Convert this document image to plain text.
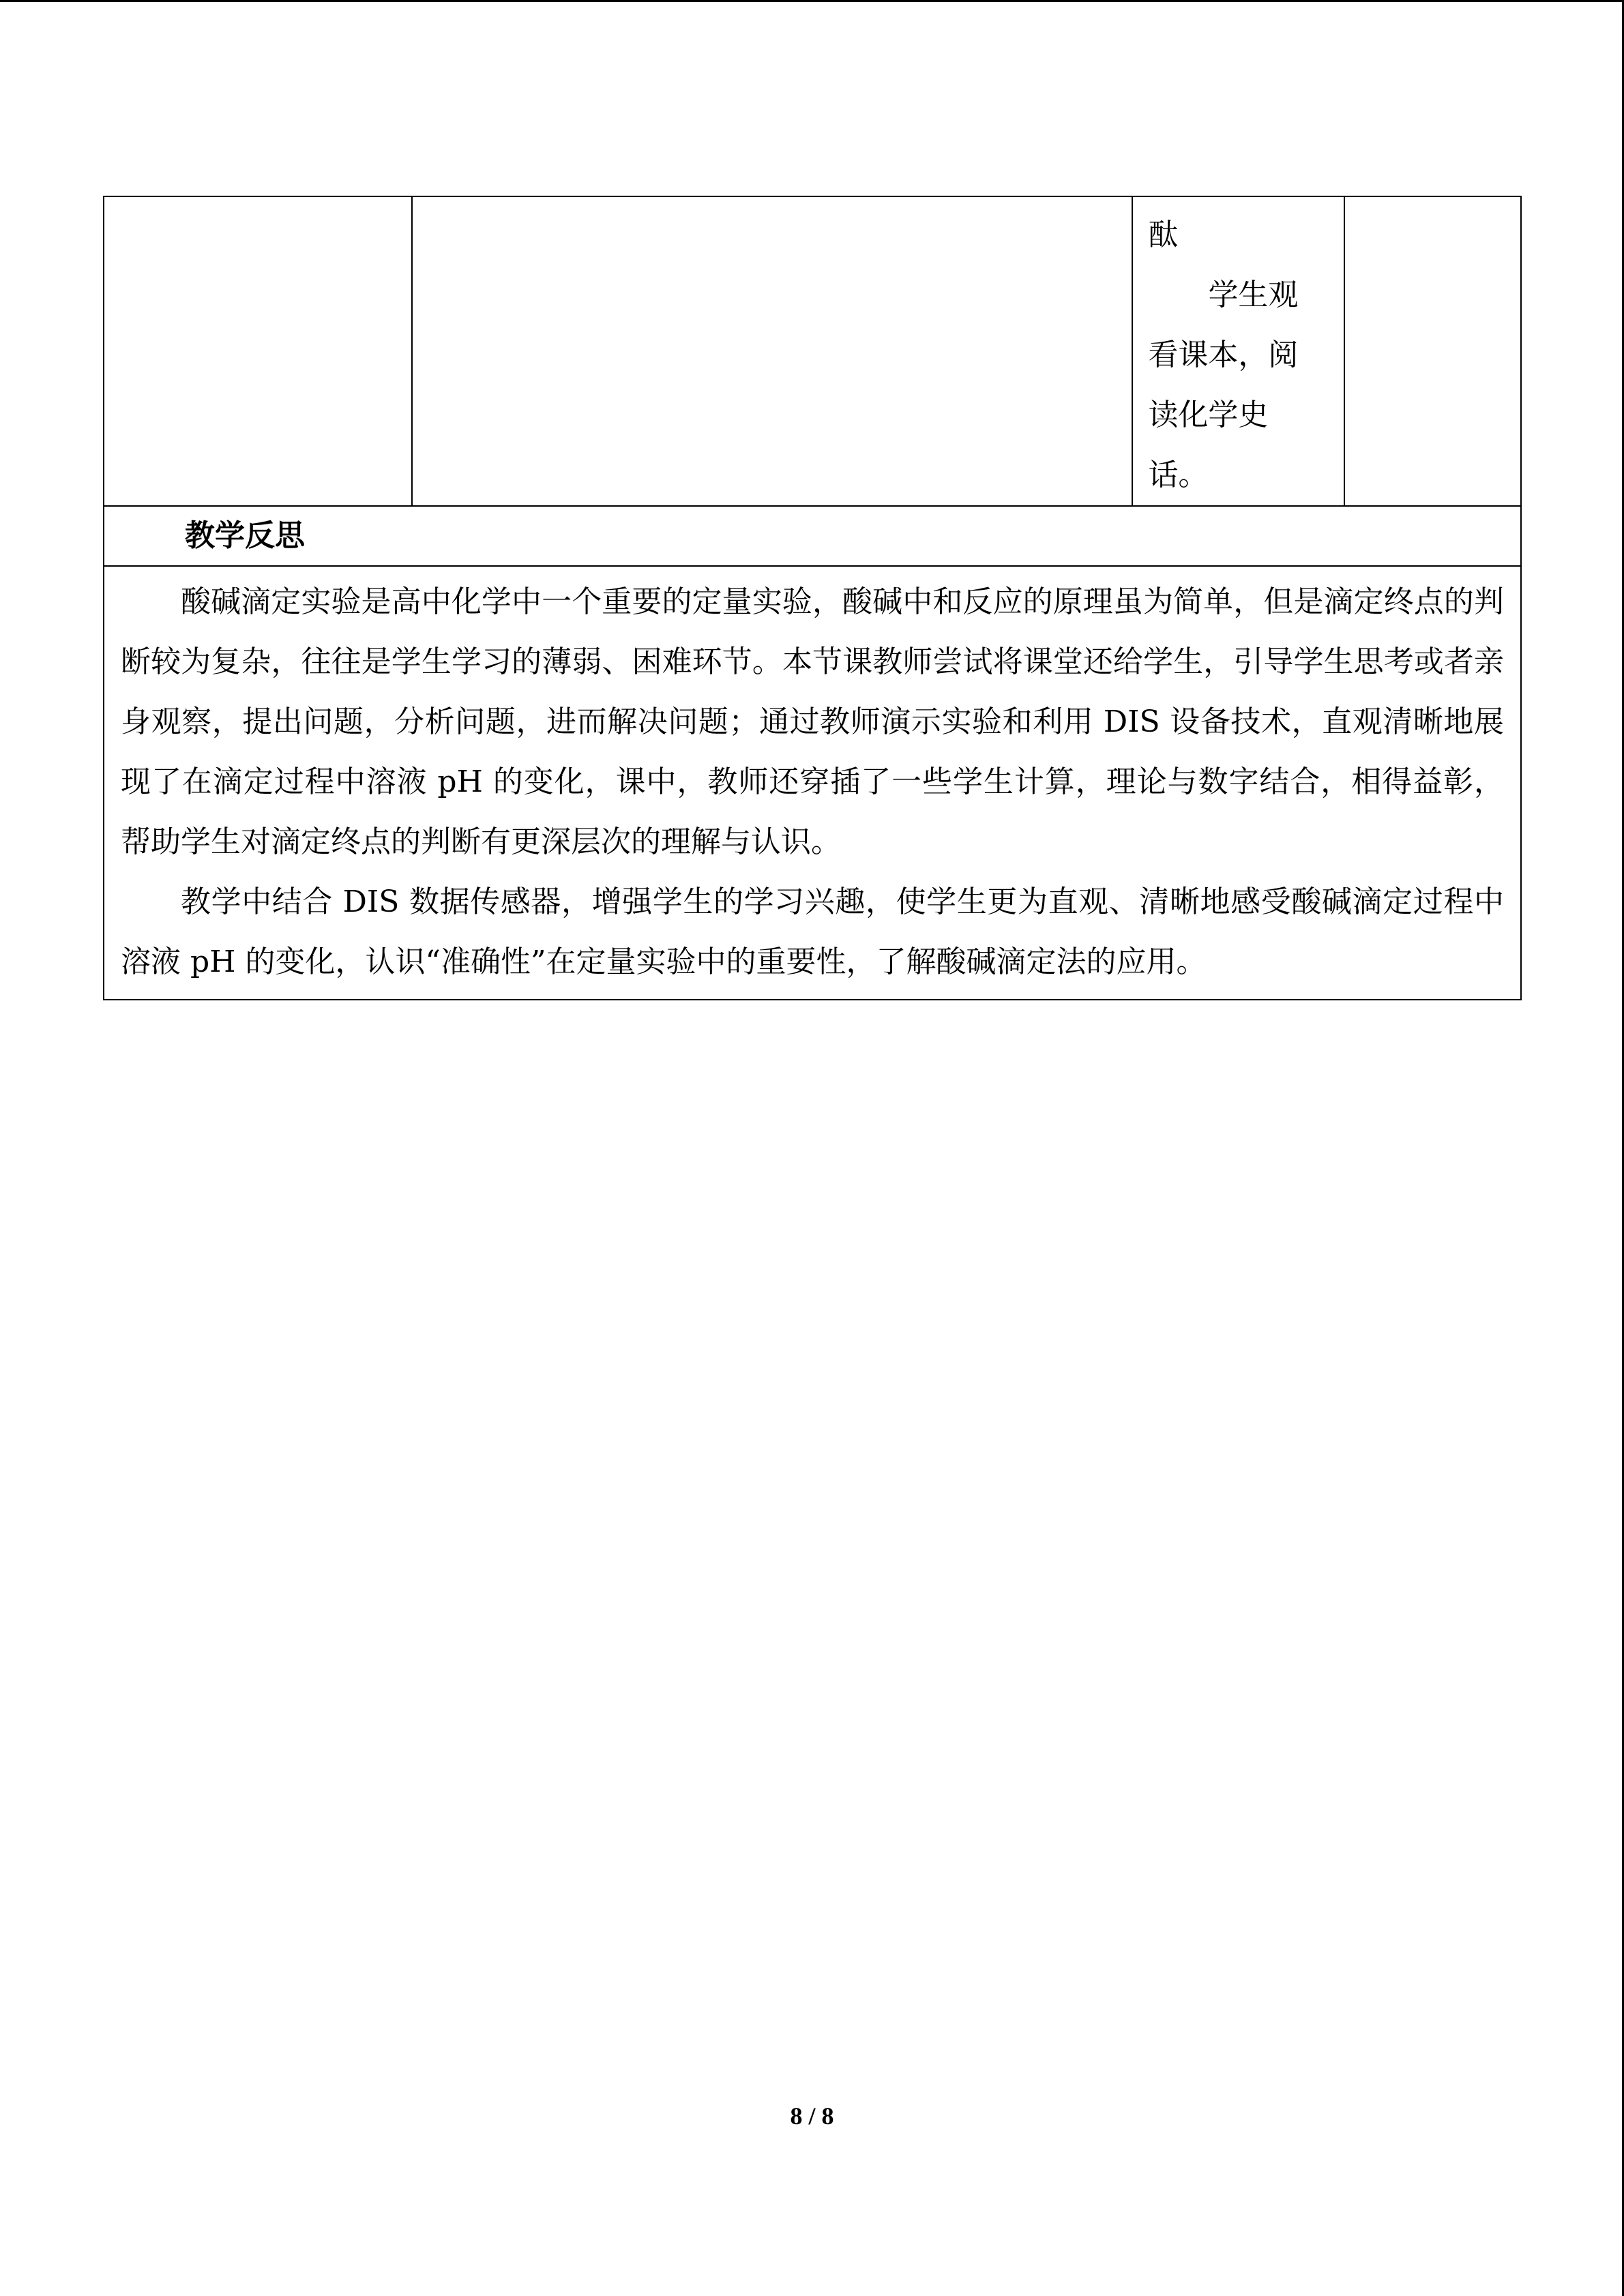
酞
学生观
看课本，阅
读化学史
话。

教学反思

酸碱滴定实验是高中化学中一个重要的定量实验，酸碱中和反应的原理虽为简单，但是滴定终点的判断较为复杂，往往是学生学习的薄弱、困难环节。本节课教师尝试将课堂还给学生，引导学生思考或者亲身观察，提出问题，分析问题，进而解决问题；通过教师演示实验和利用 DIS 设备技术，直观清晰地展现了在滴定过程中溶液 pH 的变化，课中，教师还穿插了一些学生计算，理论与数字结合，相得益彰，帮助学生对滴定终点的判断有更深层次的理解与认识。

教学中结合 DIS 数据传感器，增强学生的学习兴趣，使学生更为直观、清晰地感受酸碱滴定过程中溶液 pH 的变化，认识“准确性”在定量实验中的重要性，了解酸碱滴定法的应用。

8 / 8
